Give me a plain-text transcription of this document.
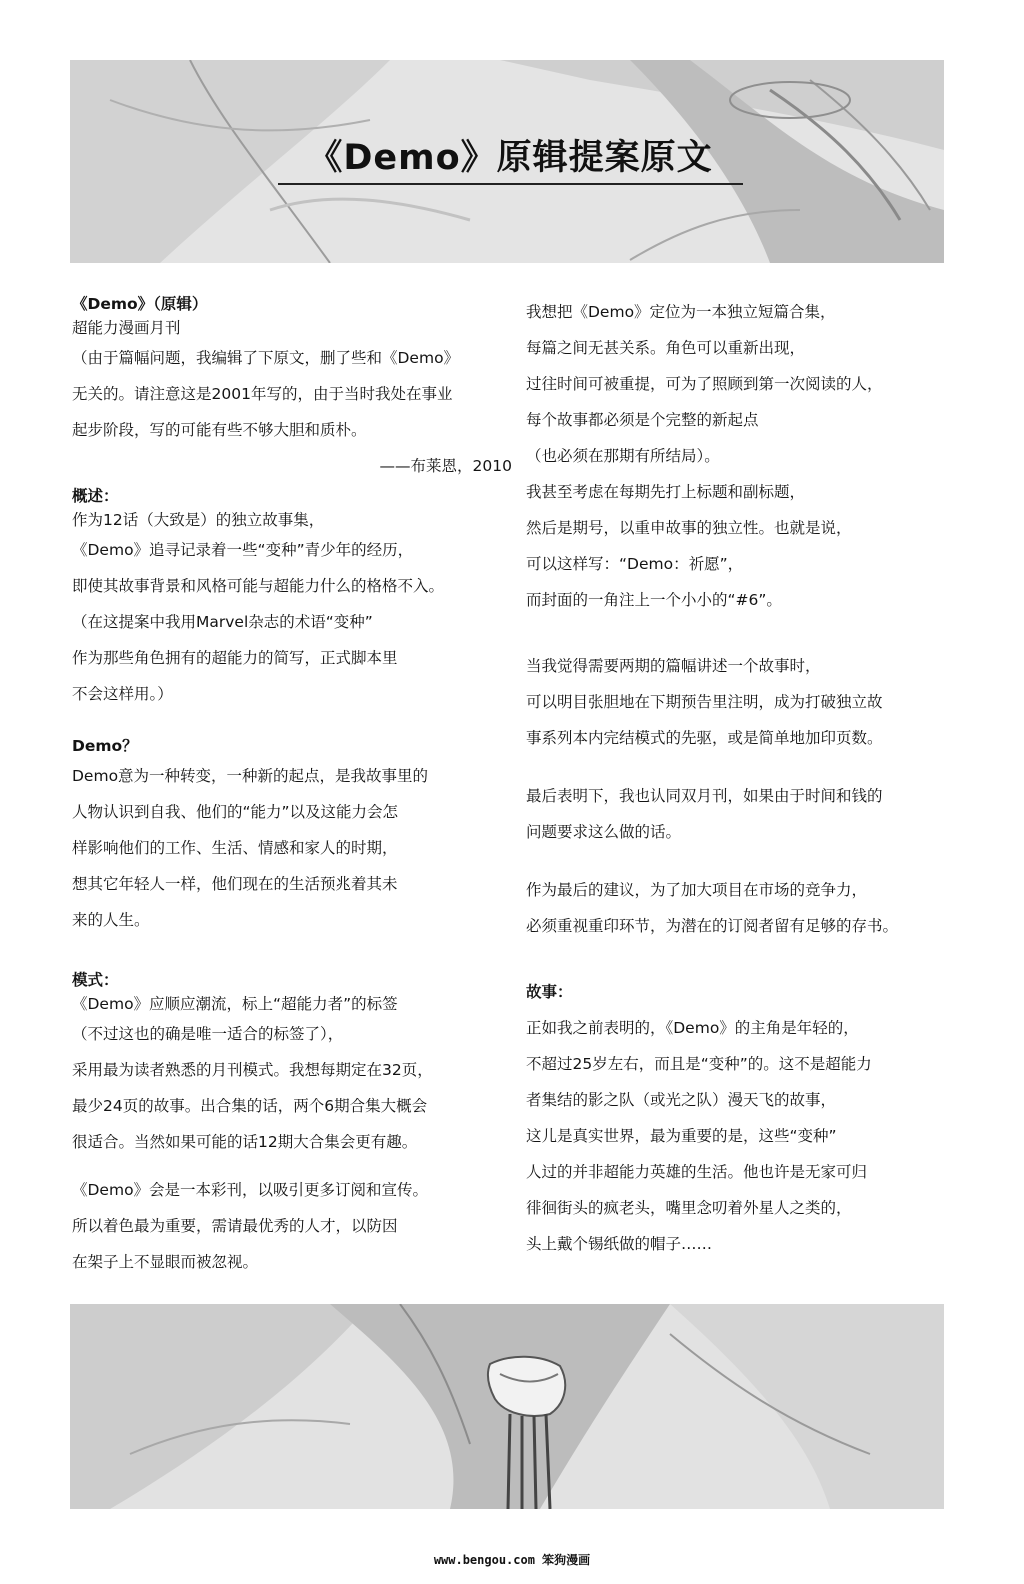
《Demo》原辑提案原文
《Demo》（原辑）
超能力漫画月刊
（由于篇幅问题，我编辑了下原文，删了些和《Demo》
无关的。请注意这是2001年写的，由于当时我处在事业
起步阶段，写的可能有些不够大胆和质朴。
——布莱恩，2010
概述：
作为12话（大致是）的独立故事集，
《Demo》追寻记录着一些“变种”青少年的经历，
即使其故事背景和风格可能与超能力什么的格格不入。
（在这提案中我用Marvel杂志的术语“变种”
作为那些角色拥有的超能力的简写，正式脚本里
不会这样用。）
Demo？
Demo意为一种转变，一种新的起点，是我故事里的
人物认识到自我、他们的“能力”以及这能力会怎
样影响他们的工作、生活、情感和家人的时期，
想其它年轻人一样，他们现在的生活预兆着其未
来的人生。
模式：
《Demo》应顺应潮流，标上“超能力者”的标签
（不过这也的确是唯一适合的标签了），
采用最为读者熟悉的月刊模式。我想每期定在32页，
最少24页的故事。出合集的话，两个6期合集大概会
很适合。当然如果可能的话12期大合集会更有趣。
《Demo》会是一本彩刊，以吸引更多订阅和宣传。
所以着色最为重要，需请最优秀的人才，以防因
在架子上不显眼而被忽视。
我想把《Demo》定位为一本独立短篇合集，
每篇之间无甚关系。角色可以重新出现，
过往时间可被重提，可为了照顾到第一次阅读的人，
每个故事都必须是个完整的新起点
（也必须在那期有所结局）。
我甚至考虑在每期先打上标题和副标题，
然后是期号，以重申故事的独立性。也就是说，
可以这样写：“Demo：祈愿”，
而封面的一角注上一个小小的“#6”。
当我觉得需要两期的篇幅讲述一个故事时，
可以明目张胆地在下期预告里注明，成为打破独立故
事系列本内完结模式的先驱，或是简单地加印页数。
最后表明下，我也认同双月刊，如果由于时间和钱的
问题要求这么做的话。
作为最后的建议，为了加大项目在市场的竞争力，
必须重视重印环节，为潜在的订阅者留有足够的存书。
故事：
正如我之前表明的，《Demo》的主角是年轻的，
不超过25岁左右，而且是“变种”的。这不是超能力
者集结的影之队（或光之队）漫天飞的故事，
这儿是真实世界，最为重要的是，这些“变种”
人过的并非超能力英雄的生活。他也许是无家可归
徘徊街头的疯老头，嘴里念叨着外星人之类的，
头上戴个锡纸做的帽子……
www.bengou.com 笨狗漫画
